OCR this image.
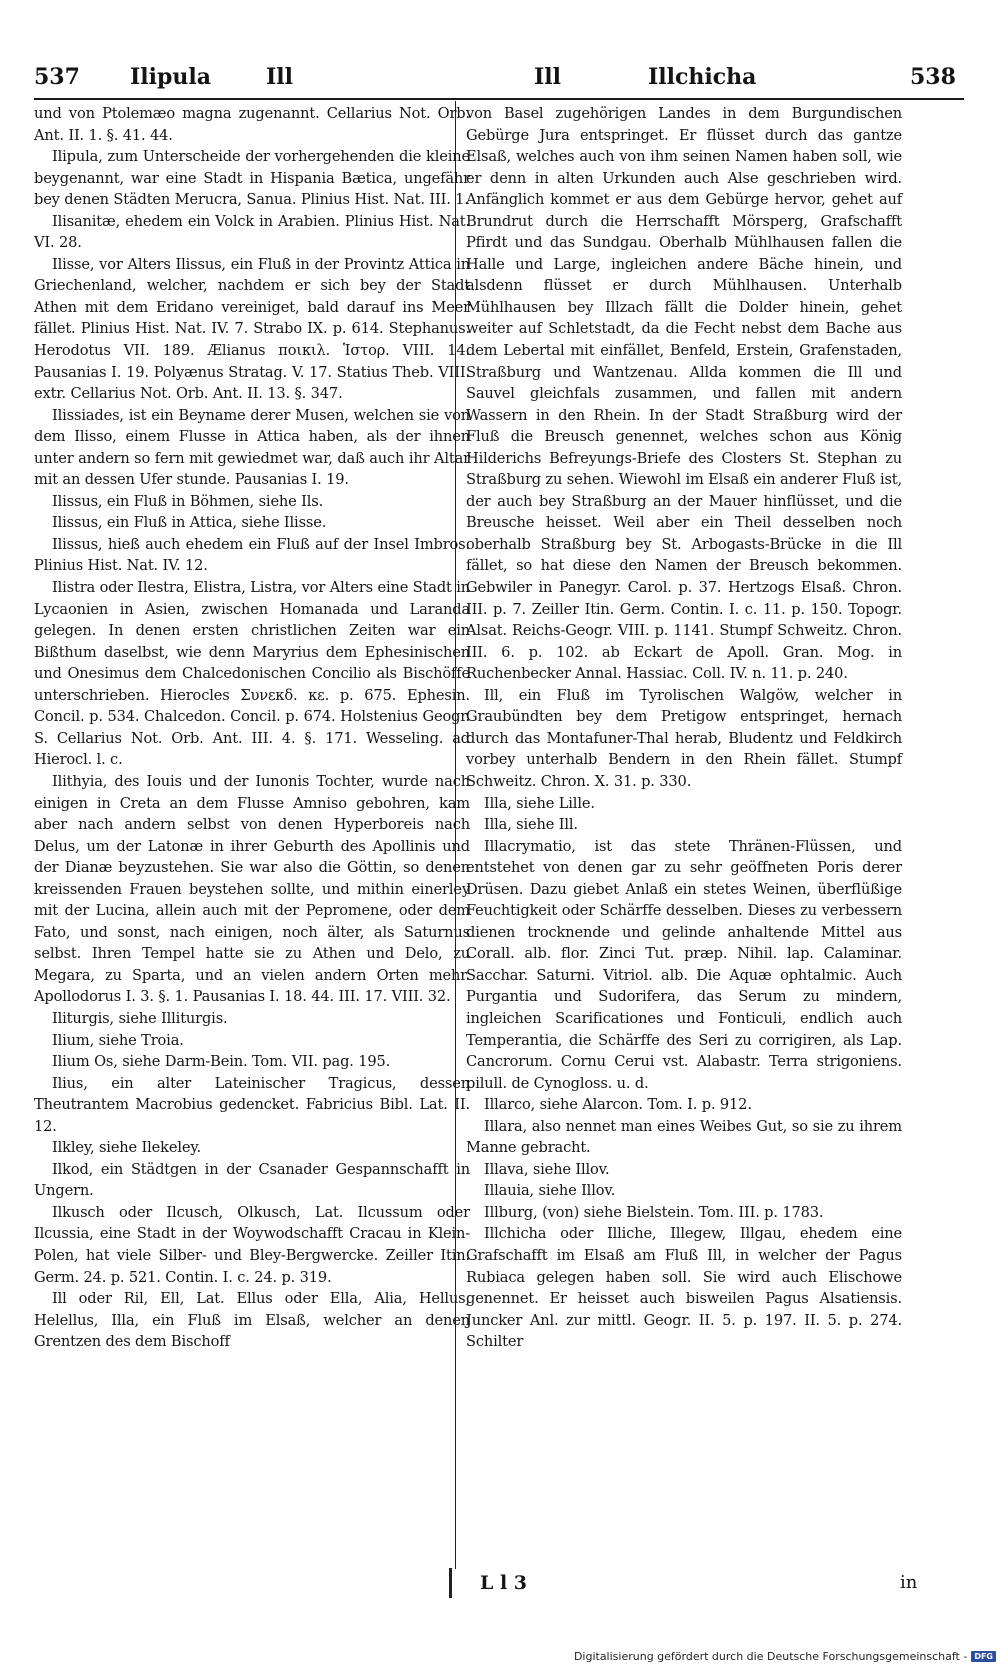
537 Ilipula	Ill	Ill	Illchicha	538

und von Ptolemæo magna zugenannt. Cellarius Not. Orb. Ant. II. 1. §. 41. 44.

Ilipula, zum Unterscheide der vorhergehenden die kleine beygenannt, war eine Stadt in Hispania Bætica, ungefähr bey denen Städten Merucra, Sanua. Plinius Hist. Nat. III. 1.

Ilisanitæ, ehedem ein Volck in Arabien. Plinius Hist. Nat. VI. 28.

Ilisse, vor Alters Ilissus, ein Fluß in der Provintz Attica in Griechenland, welcher, nachdem er sich bey der Stadt Athen mit dem Eridano vereiniget, bald darauf ins Meer fället. Plinius Hist. Nat. IV. 7. Strabo IX. p. 614. Stephanus. Herodotus VII. 189. Ælianus ποικιλ. Ἱστορ. VIII. 14. Pausanias I. 19. Polyænus Stratag. V. 17. Statius Theb. VIII. extr. Cellarius Not. Orb. Ant. II. 13. §. 347.

Ilissiades, ist ein Beyname derer Musen, welchen sie von dem Ilisso, einem Flusse in Attica haben, als der ihnen unter andern so fern mit gewiedmet war, daß auch ihr Altar mit an dessen Ufer stunde. Pausanias I. 19.

Ilissus, ein Fluß in Böhmen, siehe Ils.

Ilissus, ein Fluß in Attica, siehe Ilisse.

Ilissus, hieß auch ehedem ein Fluß auf der Insel Imbros. Plinius Hist. Nat. IV. 12.

Ilistra oder Ilestra, Elistra, Listra, vor Alters eine Stadt in Lycaonien in Asien, zwischen Homanada und Laranda gelegen. In denen ersten christlichen Zeiten war ein Bißthum daselbst, wie denn Maryrius dem Ephesinischen und Onesimus dem Chalcedonischen Concilio als Bischöffe unterschrieben. Hierocles Συνεκδ. κε. p. 675. Ephesin. Concil. p. 534. Chalcedon. Concil. p. 674. Holstenius Geogr. S. Cellarius Not. Orb. Ant. III. 4. §. 171. Wesseling. ad Hierocl. l. c.

Ilithyia, des Iouis und der Iunonis Tochter, wurde nach einigen in Creta an dem Flusse Amniso gebohren, kam aber nach andern selbst von denen Hyperboreis nach Delus, um der Latonæ in ihrer Geburth des Apollinis und der Dianæ beyzustehen. Sie war also die Göttin, so denen kreissenden Frauen beystehen sollte, und mithin einerley mit der Lucina, allein auch mit der Pepromene, oder dem Fato, und sonst, nach einigen, noch älter, als Saturnus selbst. Ihren Tempel hatte sie zu Athen und Delo, zu Megara, zu Sparta, und an vielen andern Orten mehr. Apollodorus I. 3. §. 1. Pausanias I. 18. 44. III. 17. VIII. 32.

Iliturgis, siehe Illiturgis.

Ilium, siehe Troia.

Ilium Os, siehe Darm-Bein. Tom. VII. pag. 195.

Ilius, ein alter Lateinischer Tragicus, dessen Theutrantem Macrobius gedencket. Fabricius Bibl. Lat. II. 12.

Ilkley, siehe Ilekeley.

Ilkod, ein Städtgen in der Csanader Gespannschafft in Ungern.

Ilkusch oder Ilcusch, Olkusch, Lat. Ilcussum oder Ilcussia, eine Stadt in der Woywodschafft Cracau in Klein-Polen, hat viele Silber- und Bley-Bergwercke. Zeiller Itin. Germ. 24. p. 521. Contin. I. c. 24. p. 319.

Ill oder Ril, Ell, Lat. Ellus oder Ella, Alia, Hellus, Helellus, Illa, ein Fluß im Elsaß, welcher an denen Grentzen des dem Bischoff

von Basel zugehörigen Landes in dem Burgundischen Gebürge Jura entspringet. Er flüsset durch das gantze Elsaß, welches auch von ihm seinen Namen haben soll, wie er denn in alten Urkunden auch Alse geschrieben wird. Anfänglich kommet er aus dem Gebürge hervor, gehet auf Brundrut durch die Herrschafft Mörsperg, Grafschafft Pfirdt und das Sundgau. Oberhalb Mühlhausen fallen die Halle und Large, ingleichen andere Bäche hinein, und alsdenn flüsset er durch Mühlhausen. Unterhalb Mühlhausen bey Illzach fällt die Dolder hinein, gehet weiter auf Schletstadt, da die Fecht nebst dem Bache aus dem Lebertal mit einfället, Benfeld, Erstein, Grafenstaden, Straßburg und Wantzenau. Allda kommen die Ill und Sauvel gleichfals zusammen, und fallen mit andern Wassern in den Rhein. In der Stadt Straßburg wird der Fluß die Breusch genennet, welches schon aus König Hilderichs Befreyungs-Briefe des Closters St. Stephan zu Straßburg zu sehen. Wiewohl im Elsaß ein anderer Fluß ist, der auch bey Straßburg an der Mauer hinflüsset, und die Breusche heisset. Weil aber ein Theil desselben noch oberhalb Straßburg bey St. Arbogasts-Brücke in die Ill fället, so hat diese den Namen der Breusch bekommen. Gebwiler in Panegyr. Carol. p. 37. Hertzogs Elsaß. Chron. III. p. 7. Zeiller Itin. Germ. Contin. I. c. 11. p. 150. Topogr. Alsat. Reichs-Geogr. VIII. p. 1141. Stumpf Schweitz. Chron. III. 6. p. 102. ab Eckart de Apoll. Gran. Mog. in Ruchenbecker Annal. Hassiac. Coll. IV. n. 11. p. 240.

Ill, ein Fluß im Tyrolischen Walgöw, welcher in Graubündten bey dem Pretigow entspringet, hernach durch das Montafuner-Thal herab, Bludentz und Feldkirch vorbey unterhalb Bendern in den Rhein fället. Stumpf Schweitz. Chron. X. 31. p. 330.

Illa, siehe Lille.

Illa, siehe Ill.

Illacrymatio, ist das stete Thränen-Flüssen, und entstehet von denen gar zu sehr geöffneten Poris derer Drüsen. Dazu giebet Anlaß ein stetes Weinen, überflüßige Feuchtigkeit oder Schärffe desselben. Dieses zu verbessern dienen trocknende und gelinde anhaltende Mittel aus Corall. alb. flor. Zinci Tut. præp. Nihil. lap. Calaminar. Sacchar. Saturni. Vitriol. alb. Die Aquæ ophtalmic. Auch Purgantia und Sudorifera, das Serum zu mindern, ingleichen Scarificationes und Fonticuli, endlich auch Temperantia, die Schärffe des Seri zu corrigiren, als Lap. Cancrorum. Cornu Cerui vst. Alabastr. Terra strigoniens. pilull. de Cynogloss. u. d.

Illarco, siehe Alarcon. Tom. I. p. 912.

Illara, also nennet man eines Weibes Gut, so sie zu ihrem Manne gebracht.

Illava, siehe Illov.

Illauia, siehe Illov.

Illburg, (von) siehe Bielstein. Tom. III. p. 1783.

Illchicha oder Illiche, Illegew, Illgau, ehedem eine Grafschafft im Elsaß am Fluß Ill, in welcher der Pagus Rubiaca gelegen haben soll. Sie wird auch Elischowe genennet. Er heisset auch bisweilen Pagus Alsatiensis. Juncker Anl. zur mittl. Geogr. II. 5. p. 197. II. 5. p. 274. Schilter

L l 3	in
Digitalisierung gefördert durch die Deutsche Forschungsgemeinschaft - DFG
